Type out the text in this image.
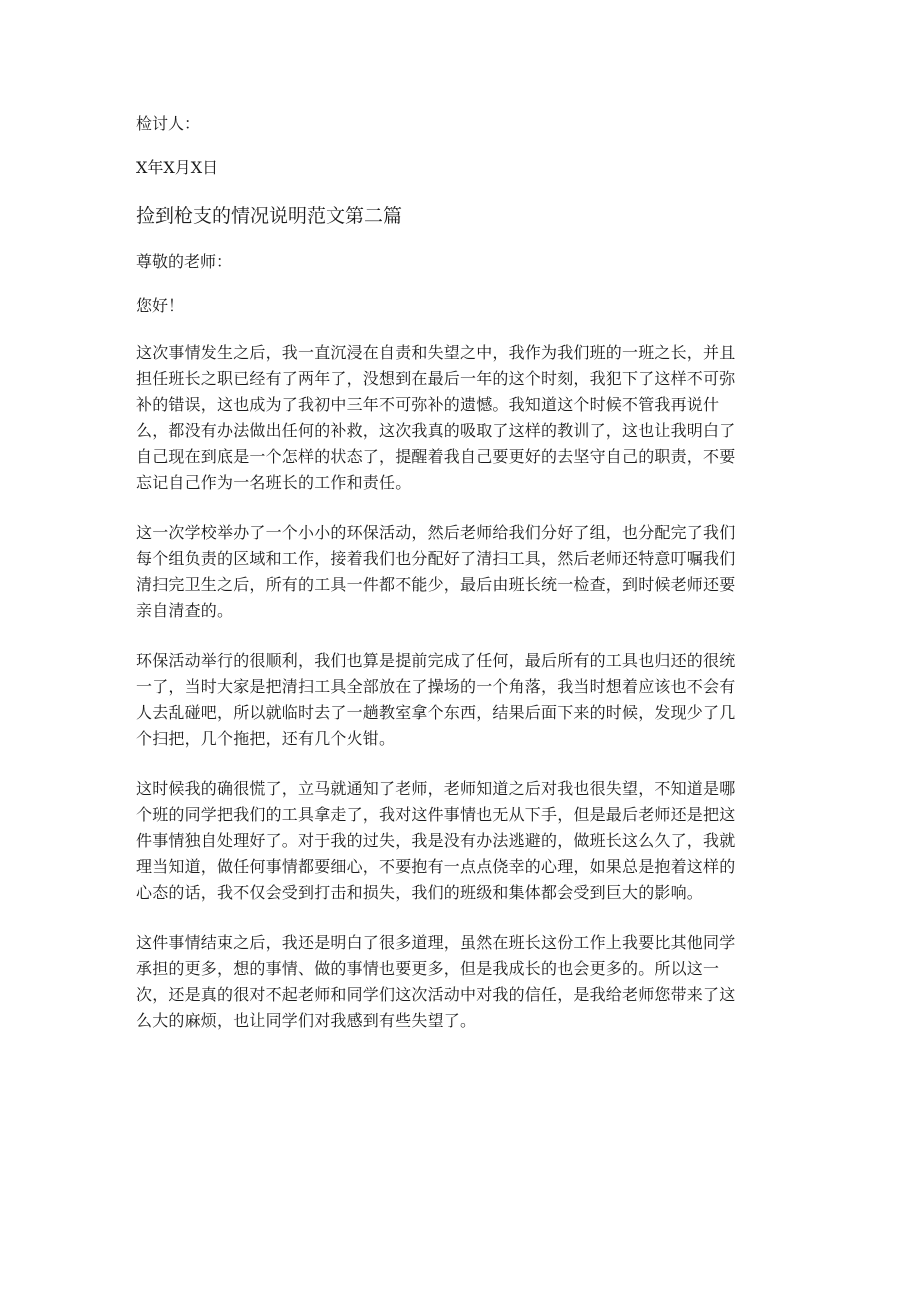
检讨人：

X年X月X日

捡到枪支的情况说明范文第二篇

尊敬的老师：

您好！

这次事情发生之后，我一直沉浸在自责和失望之中，我作为我们班的一班之长，并且
担任班长之职已经有了两年了，没想到在最后一年的这个时刻，我犯下了这样不可弥
补的错误，这也成为了我初中三年不可弥补的遗憾。我知道这个时候不管我再说什
么，都没有办法做出任何的补救，这次我真的吸取了这样的教训了，这也让我明白了
自己现在到底是一个怎样的状态了，提醒着我自己要更好的去坚守自己的职责，不要
忘记自己作为一名班长的工作和责任。

这一次学校举办了一个小小的环保活动，然后老师给我们分好了组，也分配完了我们
每个组负责的区域和工作，接着我们也分配好了清扫工具，然后老师还特意叮嘱我们
清扫完卫生之后，所有的工具一件都不能少，最后由班长统一检查，到时候老师还要
亲自清查的。

环保活动举行的很顺利，我们也算是提前完成了任何，最后所有的工具也归还的很统
一了，当时大家是把清扫工具全部放在了操场的一个角落，我当时想着应该也不会有
人去乱碰吧，所以就临时去了一趟教室拿个东西，结果后面下来的时候，发现少了几
个扫把，几个拖把，还有几个火钳。

这时候我的确很慌了，立马就通知了老师，老师知道之后对我也很失望，不知道是哪
个班的同学把我们的工具拿走了，我对这件事情也无从下手，但是最后老师还是把这
件事情独自处理好了。对于我的过失，我是没有办法逃避的，做班长这么久了，我就
理当知道，做任何事情都要细心，不要抱有一点点侥幸的心理，如果总是抱着这样的
心态的话，我不仅会受到打击和损失，我们的班级和集体都会受到巨大的影响。

这件事情结束之后，我还是明白了很多道理，虽然在班长这份工作上我要比其他同学
承担的更多，想的事情、做的事情也要更多，但是我成长的也会更多的。所以这一
次，还是真的很对不起老师和同学们这次活动中对我的信任，是我给老师您带来了这
么大的麻烦，也让同学们对我感到有些失望了。
